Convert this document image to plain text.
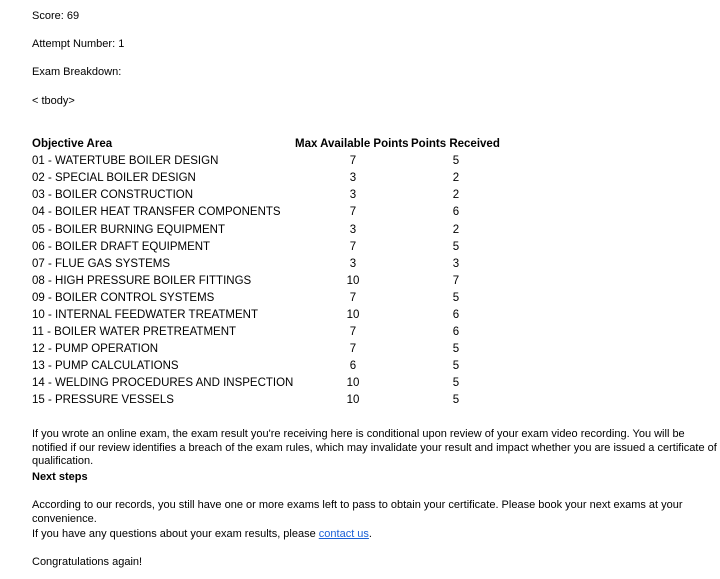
Score: 69

Attempt Number: 1

Exam Breakdown:

< tbody>

Objective Area	Max Available Points	Points Received
01 - WATERTUBE BOILER DESIGN	7	5
02 - SPECIAL BOILER DESIGN	3	2
03 - BOILER CONSTRUCTION	3	2
04 - BOILER HEAT TRANSFER COMPONENTS	7	6
05 - BOILER BURNING EQUIPMENT	3	2
06 - BOILER DRAFT EQUIPMENT	7	5
07 - FLUE GAS SYSTEMS	3	3
08 - HIGH PRESSURE BOILER FITTINGS	10	7
09 - BOILER CONTROL SYSTEMS	7	5
10 - INTERNAL FEEDWATER TREATMENT	10	6
11 - BOILER WATER PRETREATMENT	7	6
12 - PUMP OPERATION	7	5
13 - PUMP CALCULATIONS	6	5
14 - WELDING PROCEDURES AND INSPECTION	10	5
15 - PRESSURE VESSELS	10	5

If you wrote an online exam, the exam result you're receiving here is conditional upon review of your exam video recording. You will be notified if our review identifies a breach of the exam rules, which may invalidate your result and impact whether you are issued a certificate of qualification.

Next steps

According to our records, you still have one or more exams left to pass to obtain your certificate. Please book your next exams at your convenience.

If you have any questions about your exam results, please contact us.

Congratulations again!
